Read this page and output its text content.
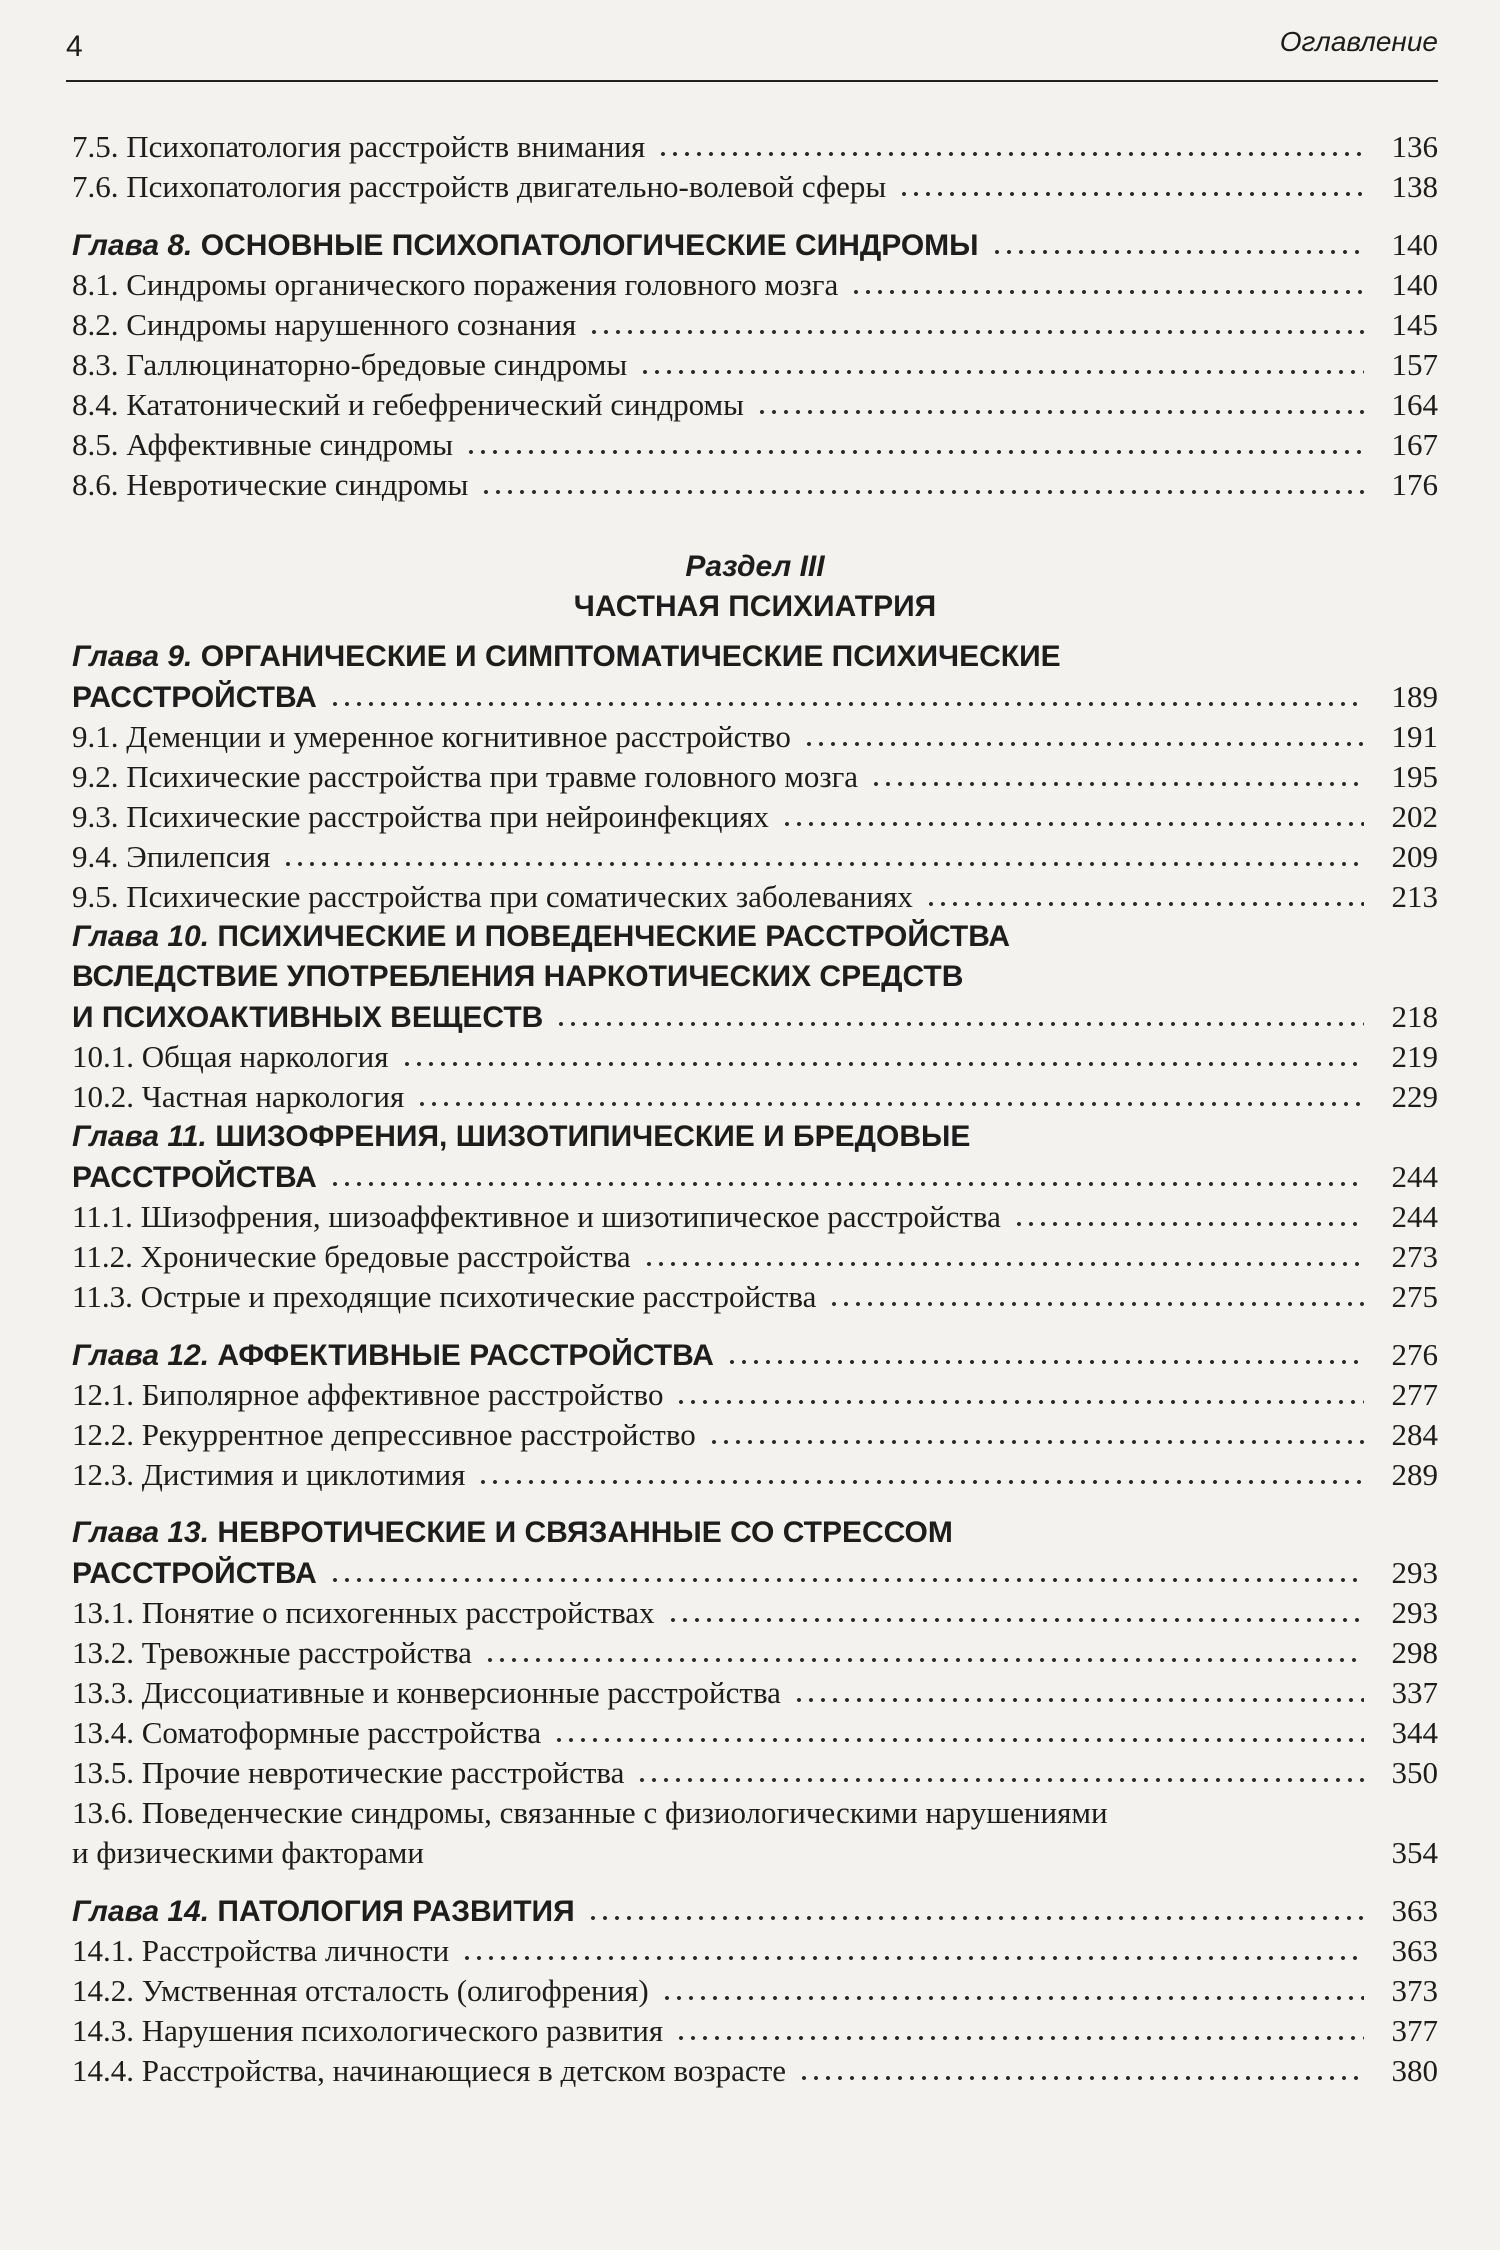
4	Оглавление
7.5. Психопатология расстройств внимания	136
7.6. Психопатология расстройств двигательно-волевой сферы	138
Глава 8. ОСНОВНЫЕ ПСИХОПАТОЛОГИЧЕСКИЕ СИНДРОМЫ	140
8.1. Синдромы органического поражения головного мозга	140
8.2. Синдромы нарушенного сознания	145
8.3. Галлюцинаторно-бредовые синдромы	157
8.4. Кататонический и гебефренический синдромы	164
8.5. Аффективные синдромы	167
8.6. Невротические синдромы	176
Раздел III
ЧАСТНАЯ ПСИХИАТРИЯ
Глава 9. ОРГАНИЧЕСКИЕ И СИМПТОМАТИЧЕСКИЕ ПСИХИЧЕСКИЕ
РАССТРОЙСТВА	189
9.1. Деменции и умеренное когнитивное расстройство	191
9.2. Психические расстройства при травме головного мозга	195
9.3. Психические расстройства при нейроинфекциях	202
9.4. Эпилепсия	209
9.5. Психические расстройства при соматических заболеваниях	213
Глава 10. ПСИХИЧЕСКИЕ И ПОВЕДЕНЧЕСКИЕ РАССТРОЙСТВА
ВСЛЕДСТВИЕ УПОТРЕБЛЕНИЯ НАРКОТИЧЕСКИХ СРЕДСТВ
И ПСИХОАКТИВНЫХ ВЕЩЕСТВ	218
10.1. Общая наркология	219
10.2. Частная наркология	229
Глава 11. ШИЗОФРЕНИЯ, ШИЗОТИПИЧЕСКИЕ И БРЕДОВЫЕ
РАССТРОЙСТВА	244
11.1. Шизофрения, шизоаффективное и шизотипическое расстройства	244
11.2. Хронические бредовые расстройства	273
11.3. Острые и преходящие психотические расстройства	275
Глава 12. АФФЕКТИВНЫЕ РАССТРОЙСТВА	276
12.1. Биполярное аффективное расстройство	277
12.2. Рекуррентное депрессивное расстройство	284
12.3. Дистимия и циклотимия	289
Глава 13. НЕВРОТИЧЕСКИЕ И СВЯЗАННЫЕ СО СТРЕССОМ
РАССТРОЙСТВА	293
13.1. Понятие о психогенных расстройствах	293
13.2. Тревожные расстройства	298
13.3. Диссоциативные и конверсионные расстройства	337
13.4. Соматоформные расстройства	344
13.5. Прочие невротические расстройства	350
13.6. Поведенческие синдромы, связанные с физиологическими нарушениями
и физическими факторами	354
Глава 14. ПАТОЛОГИЯ РАЗВИТИЯ	363
14.1. Расстройства личности	363
14.2. Умственная отсталость (олигофрения)	373
14.3. Нарушения психологического развития	377
14.4. Расстройства, начинающиеся в детском возрасте	380
